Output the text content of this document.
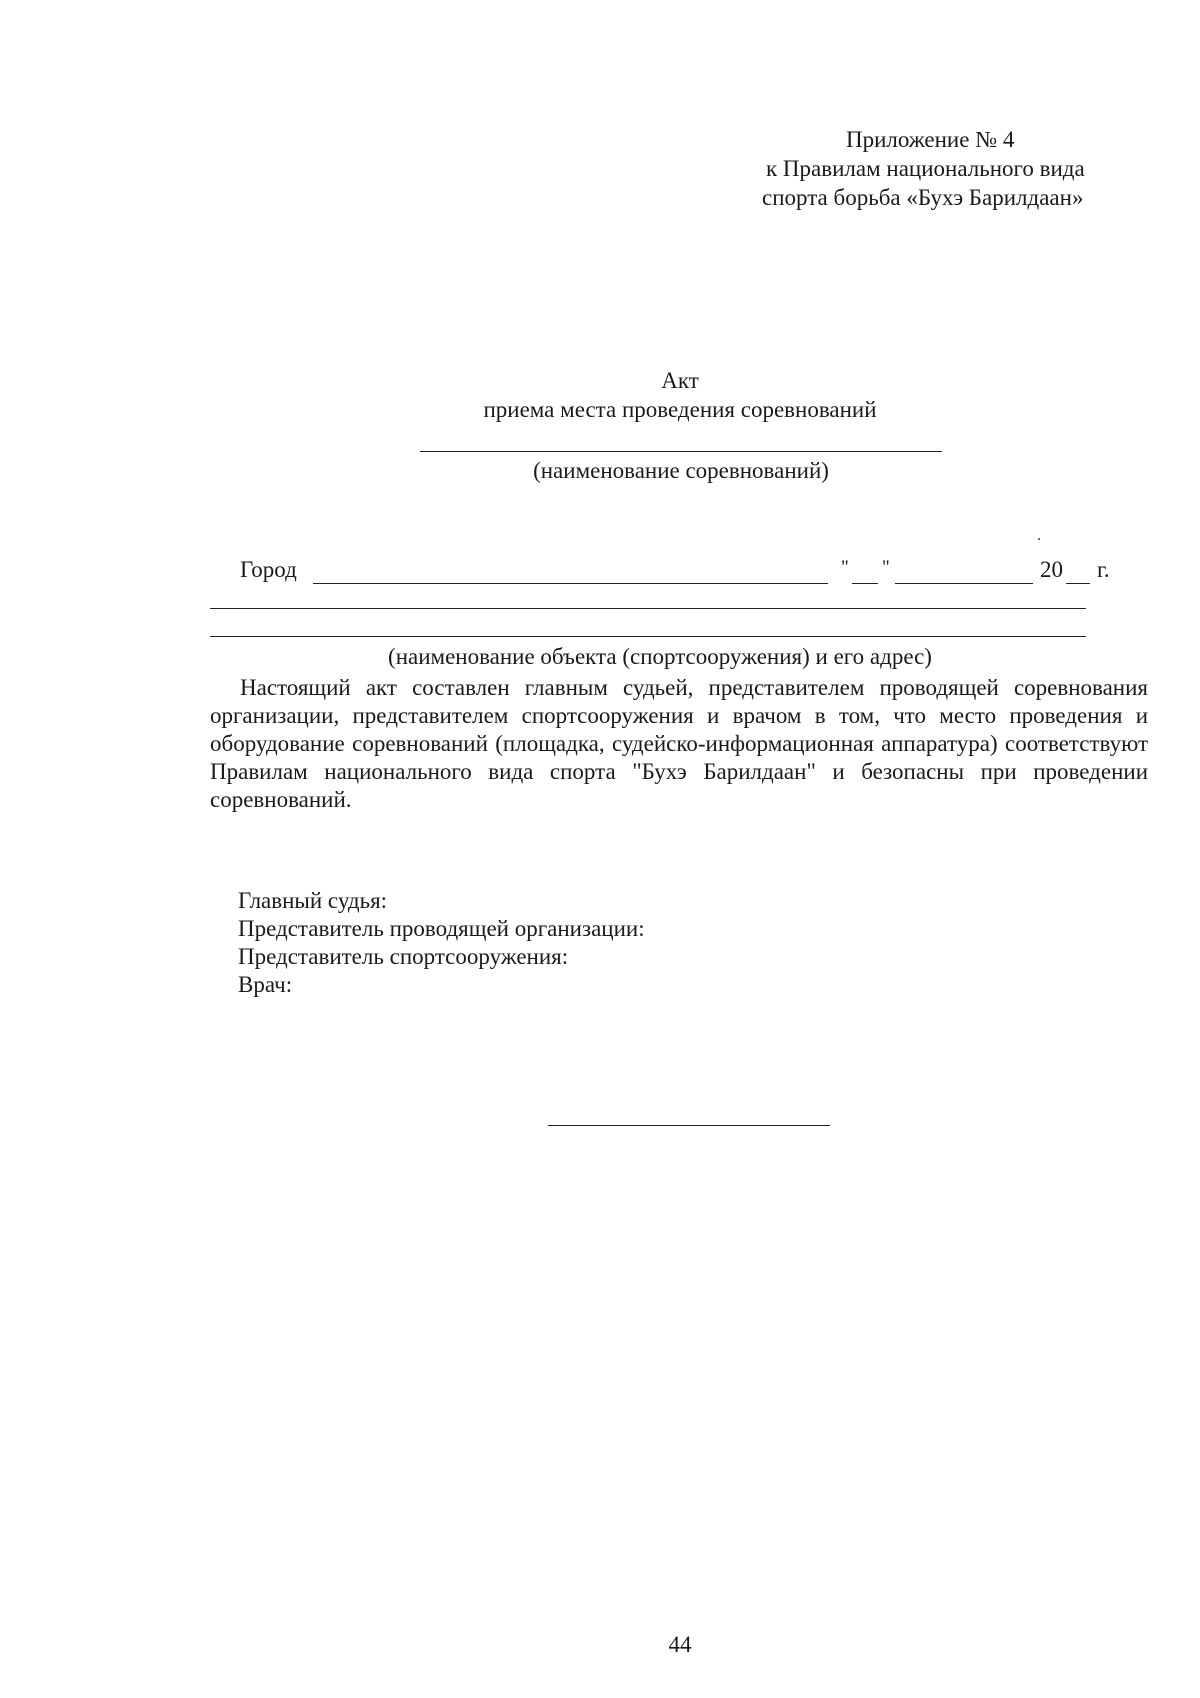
Приложение № 4
к Правилам национального вида
спорта борьба «Бухэ Барилдаан»
Акт
приема места проведения соревнований
(наименование соревнований)
Город	" "	20 г.
(наименование объекта (спортсооружения) и его адрес)
Настоящий акт составлен главным судьей, представителем проводящей соревнования организации, представителем спортсооружения и врачом в том, что место проведения и оборудование соревнований (площадка, судейско-информационная аппаратура) соответствуют Правилам национального вида спорта "Бухэ Барилдаан" и безопасны при проведении соревнований.
Главный судья:
Представитель проводящей организации:
Представитель спортсооружения:
Врач:
44
